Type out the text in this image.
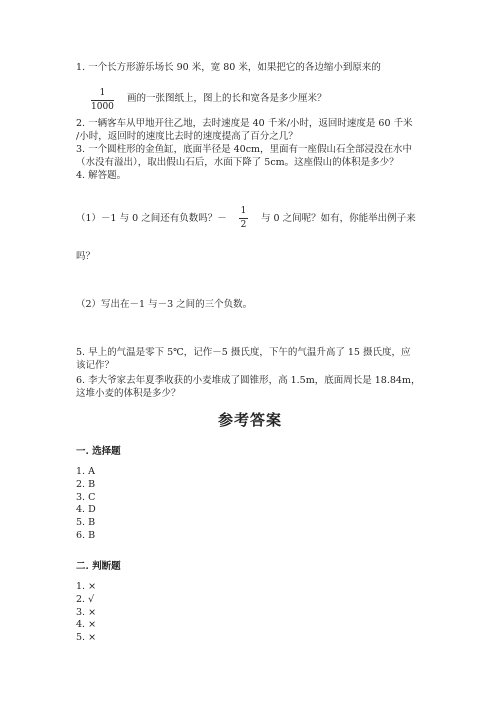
1. 一个长方形游乐场长 90 米，宽 80 米，如果把它的各边缩小到原来的
1
1000
画的一张图纸上，图上的长和宽各是多少厘米？
2. 一辆客车从甲地开往乙地，去时速度是 40 千米/小时，返回时速度是 60 千米
/小时，返回时的速度比去时的速度提高了百分之几？
3. 一个圆柱形的金鱼缸，底面半径是 40cm，里面有一座假山石全部浸没在水中
（水没有溢出），取出假山石后，水面下降了 5cm。这座假山的体积是多少？
4. 解答题。
（1）－1 与 0 之间还有负数吗？－
1
2
与 0 之间呢？如有，你能举出例子来
吗？
（2）写出在－1 与－3 之间的三个负数。
5. 早上的气温是零下 5℃，记作－5 摄氏度，下午的气温升高了 15 摄氏度，应
该记作？
6. 李大爷家去年夏季收获的小麦堆成了圆锥形，高 1.5m，底面周长是 18.84m，
这堆小麦的体积是多少？
参考答案
一. 选择题
1. A
2. B
3. C
4. D
5. B
6. B
二. 判断题
1. ×
2. √
3. ×
4. ×
5. ×
